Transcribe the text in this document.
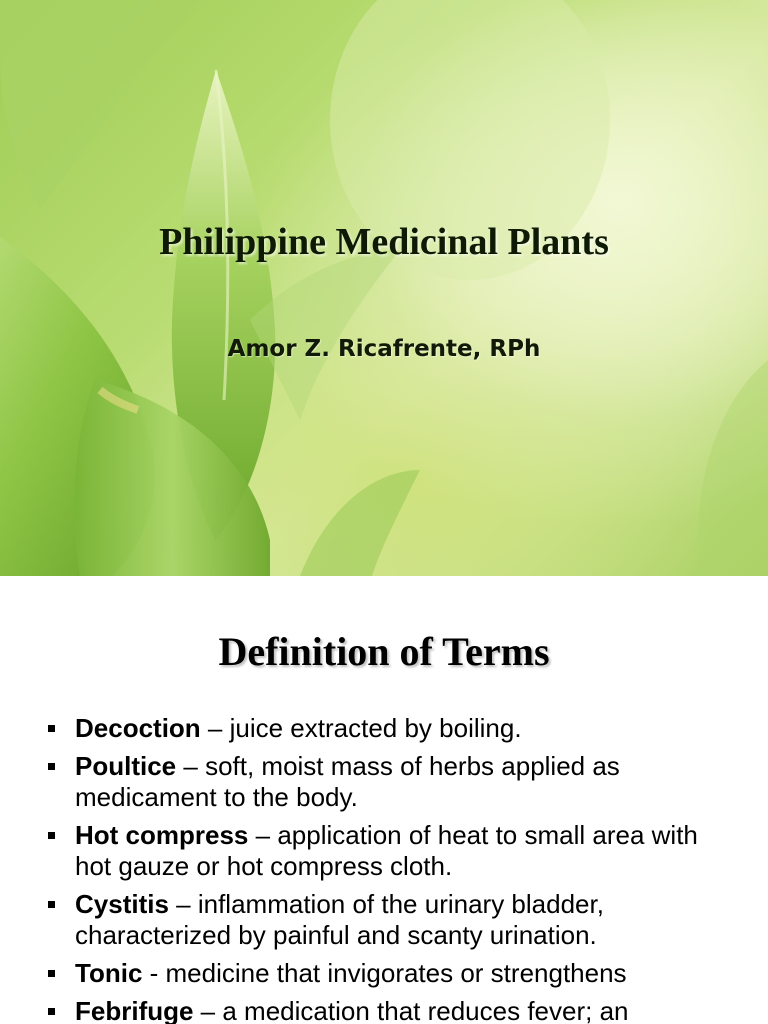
Philippine Medicinal Plants
Amor Z. Ricafrente, RPh
Definition of Terms
Decoction – juice extracted by boiling.
Poultice – soft, moist mass of herbs applied as medicament to the body.
Hot compress – application of heat to small area with hot gauze or hot compress cloth.
Cystitis – inflammation of the urinary bladder, characterized by painful and scanty urination.
Tonic - medicine that invigorates or strengthens
Febrifuge – a medication that reduces fever; an
